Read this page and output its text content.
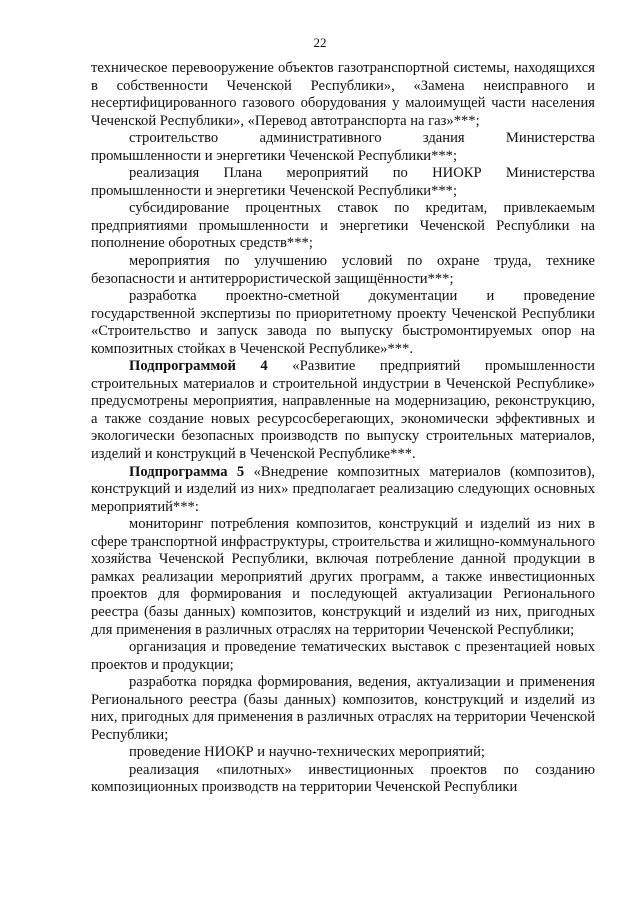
22

техническое перевооружение объектов газотранспортной системы, находящихся в собственности Чеченской Республики», «Замена неисправного и несертифицированного газового оборудования у малоимущей части населения Чеченской Республики», «Перевод автотранспорта на газ»***;

строительство административного здания Министерства промышленности и энергетики Чеченской Республики***;

реализация Плана мероприятий по НИОКР Министерства промышленности и энергетики Чеченской Республики***;

субсидирование процентных ставок по кредитам, привлекаемым предприятиями промышленности и энергетики Чеченской Республики на пополнение оборотных средств***;

мероприятия по улучшению условий по охране труда, технике безопасности и антитеррористической защищённости***;

разработка проектно-сметной документации и проведение государственной экспертизы по приоритетному проекту Чеченской Республики «Строительство и запуск завода по выпуску быстромонтируемых опор на композитных стойках в Чеченской Республике»***.

Подпрограммой 4 «Развитие предприятий промышленности строительных материалов и строительной индустрии в Чеченской Республике» предусмотрены мероприятия, направленные на модернизацию, реконструкцию, а также создание новых ресурсосберегающих, экономически эффективных и экологически безопасных производств по выпуску строительных материалов, изделий и конструкций в Чеченской Республике***.

Подпрограмма 5 «Внедрение композитных материалов (композитов), конструкций и изделий из них» предполагает реализацию следующих основных мероприятий***:

мониторинг потребления композитов, конструкций и изделий из них в сфере транспортной инфраструктуры, строительства и жилищно-коммунального хозяйства Чеченской Республики, включая потребление данной продукции в рамках реализации мероприятий других программ, а также инвестиционных проектов для формирования и последующей актуализации Регионального реестра (базы данных) композитов, конструкций и изделий из них, пригодных для применения в различных отраслях на территории Чеченской Республики;

организация и проведение тематических выставок с презентацией новых проектов и продукции;

разработка порядка формирования, ведения, актуализации и применения Регионального реестра (базы данных) композитов, конструкций и изделий из них, пригодных для применения в различных отраслях на территории Чеченской Республики;

проведение НИОКР и научно-технических мероприятий;

реализация «пилотных» инвестиционных проектов по созданию композиционных производств на территории Чеченской Республики
